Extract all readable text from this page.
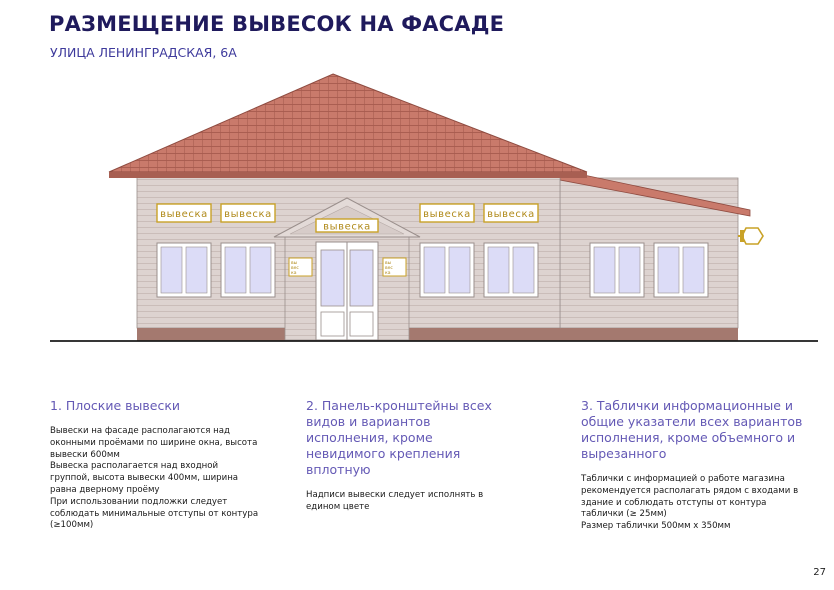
РАЗМЕЩЕНИЕ ВЫВЕСОК НА ФАСАДЕ
УЛИЦА ЛЕНИНГРАДСКАЯ, 6А
вывеска вывеска	вывеска вывеска
вывеска
вы
вес
ка
вы
вес
ка

1. Плоские вывески

Вывески на фасаде располагаются над оконными проёмами по ширине окна, высота вывески 600мм
Вывеска располагается над входной группой, высота вывески 400мм, ширина равна дверному проёму
При использовании подложки следует соблюдать минимальные отступы от контура (≥100мм)

2. Панель-кронштейны всех видов и вариантов исполнения, кроме невидимого крепления вплотную

Надписи вывески следует исполнять в едином цвете

3. Таблички информационные и общие указатели всех вариантов исполнения, кроме объемного и вырезанного

Таблички с информацией о работе магазина рекомендуется располагать рядом с входами в здание и соблюдать отступы от контура таблички (≥ 25мм)
Размер таблички 500мм х 350мм
27
